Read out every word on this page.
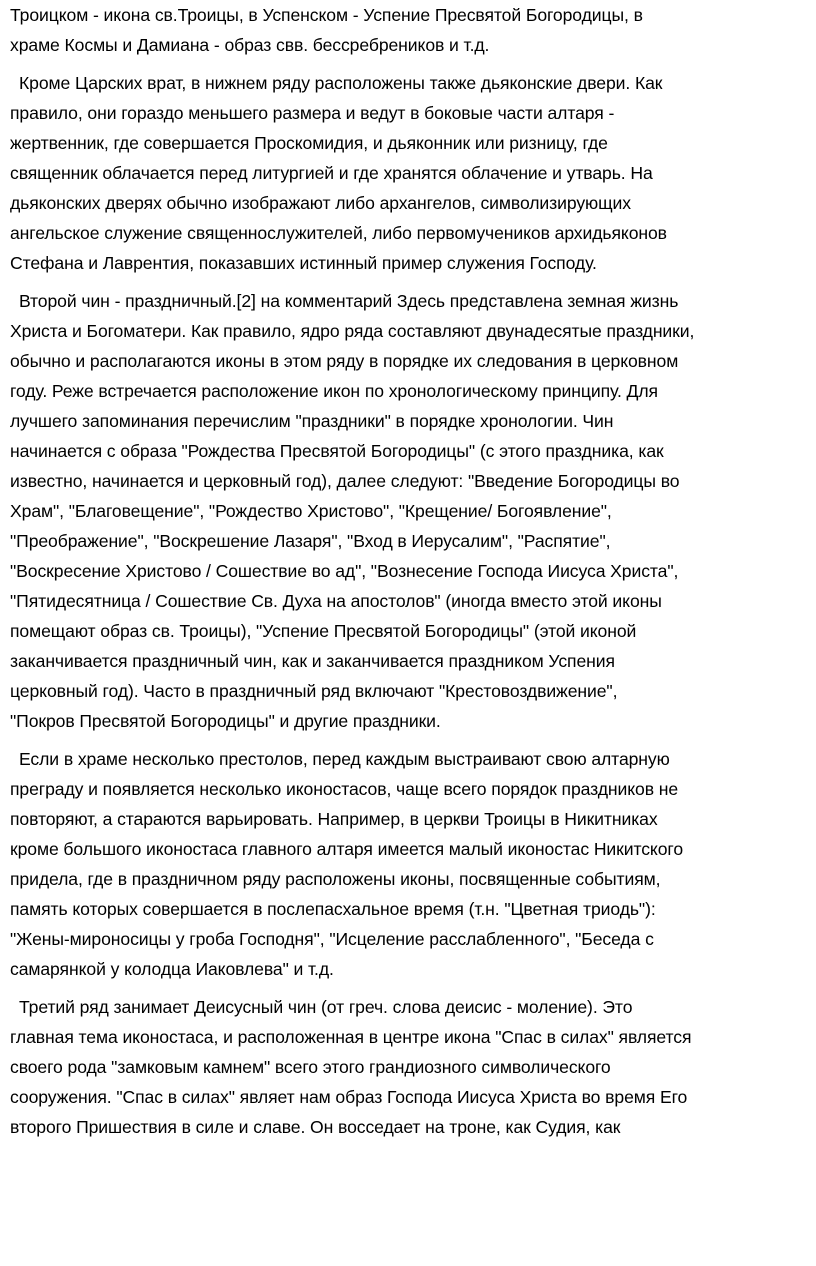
Троицком - икона св.Троицы, в Успенском - Успение Пресвятой Богородицы, в
храме Космы и Дамиана - образ свв. бессребреников и т.д.
Кроме Царских врат, в нижнем ряду расположены также дьяконские двери. Как
правило, они гораздо меньшего размера и ведут в боковые части алтаря -
жертвенник, где совершается Проскомидия, и дьяконник или ризницу, где
священник облачается перед литургией и где хранятся облачение и утварь. На
дьяконских дверях обычно изображают либо архангелов, символизирующих
ангельское служение священнослужителей, либо первомучеников архидьяконов
Стефана и Лаврентия, показавших истинный пример служения Господу.
Второй чин - праздничный.[2] на комментарий Здесь представлена земная жизнь
Христа и Богоматери. Как правило, ядро ряда составляют двунадесятые праздники,
обычно и располагаются иконы в этом ряду в порядке их следования в церковном
году. Реже встречается расположение икон по хронологическому принципу. Для
лучшего запоминания перечислим "праздники" в порядке хронологии. Чин
начинается с образа "Рождества Пресвятой Богородицы" (с этого праздника, как
известно, начинается и церковный год), далее следуют: "Введение Богородицы во
Храм", "Благовещение", "Рождество Христово", "Крещение/ Богоявление",
"Преображение", "Воскрешение Лазаря", "Вход в Иерусалим", "Распятие",
"Воскресение Христово / Сошествие во ад", "Вознесение Господа Иисуса Христа",
"Пятидесятница / Сошествие Св. Духа на апостолов" (иногда вместо этой иконы
помещают образ св. Троицы), "Успение Пресвятой Богородицы" (этой иконой
заканчивается праздничный чин, как и заканчивается праздником Успения
церковный год). Часто в праздничный ряд включают "Крестовоздвижение",
"Покров Пресвятой Богородицы" и другие праздники.
Если в храме несколько престолов, перед каждым выстраивают свою алтарную
преграду и появляется несколько иконостасов, чаще всего порядок праздников не
повторяют, а стараются варьировать. Например, в церкви Троицы в Никитниках
кроме большого иконостаса главного алтаря имеется малый иконостас Никитского
придела, где в праздничном ряду расположены иконы, посвященные событиям,
память которых совершается в послепасхальное время (т.н. "Цветная триодь"):
"Жены-мироносицы у гроба Господня", "Исцеление расслабленного", "Беседа с
самарянкой у колодца Иаковлева" и т.д.
Третий ряд занимает Деисусный чин (от греч. слова деисис - моление). Это
главная тема иконостаса, и расположенная в центре икона "Спас в силах" является
своего рода "замковым камнем" всего этого грандиозного символического
сооружения. "Спас в силах" являет нам образ Господа Иисуса Христа во время Его
второго Пришествия в силе и славе. Он восседает на троне, как Судия, как
